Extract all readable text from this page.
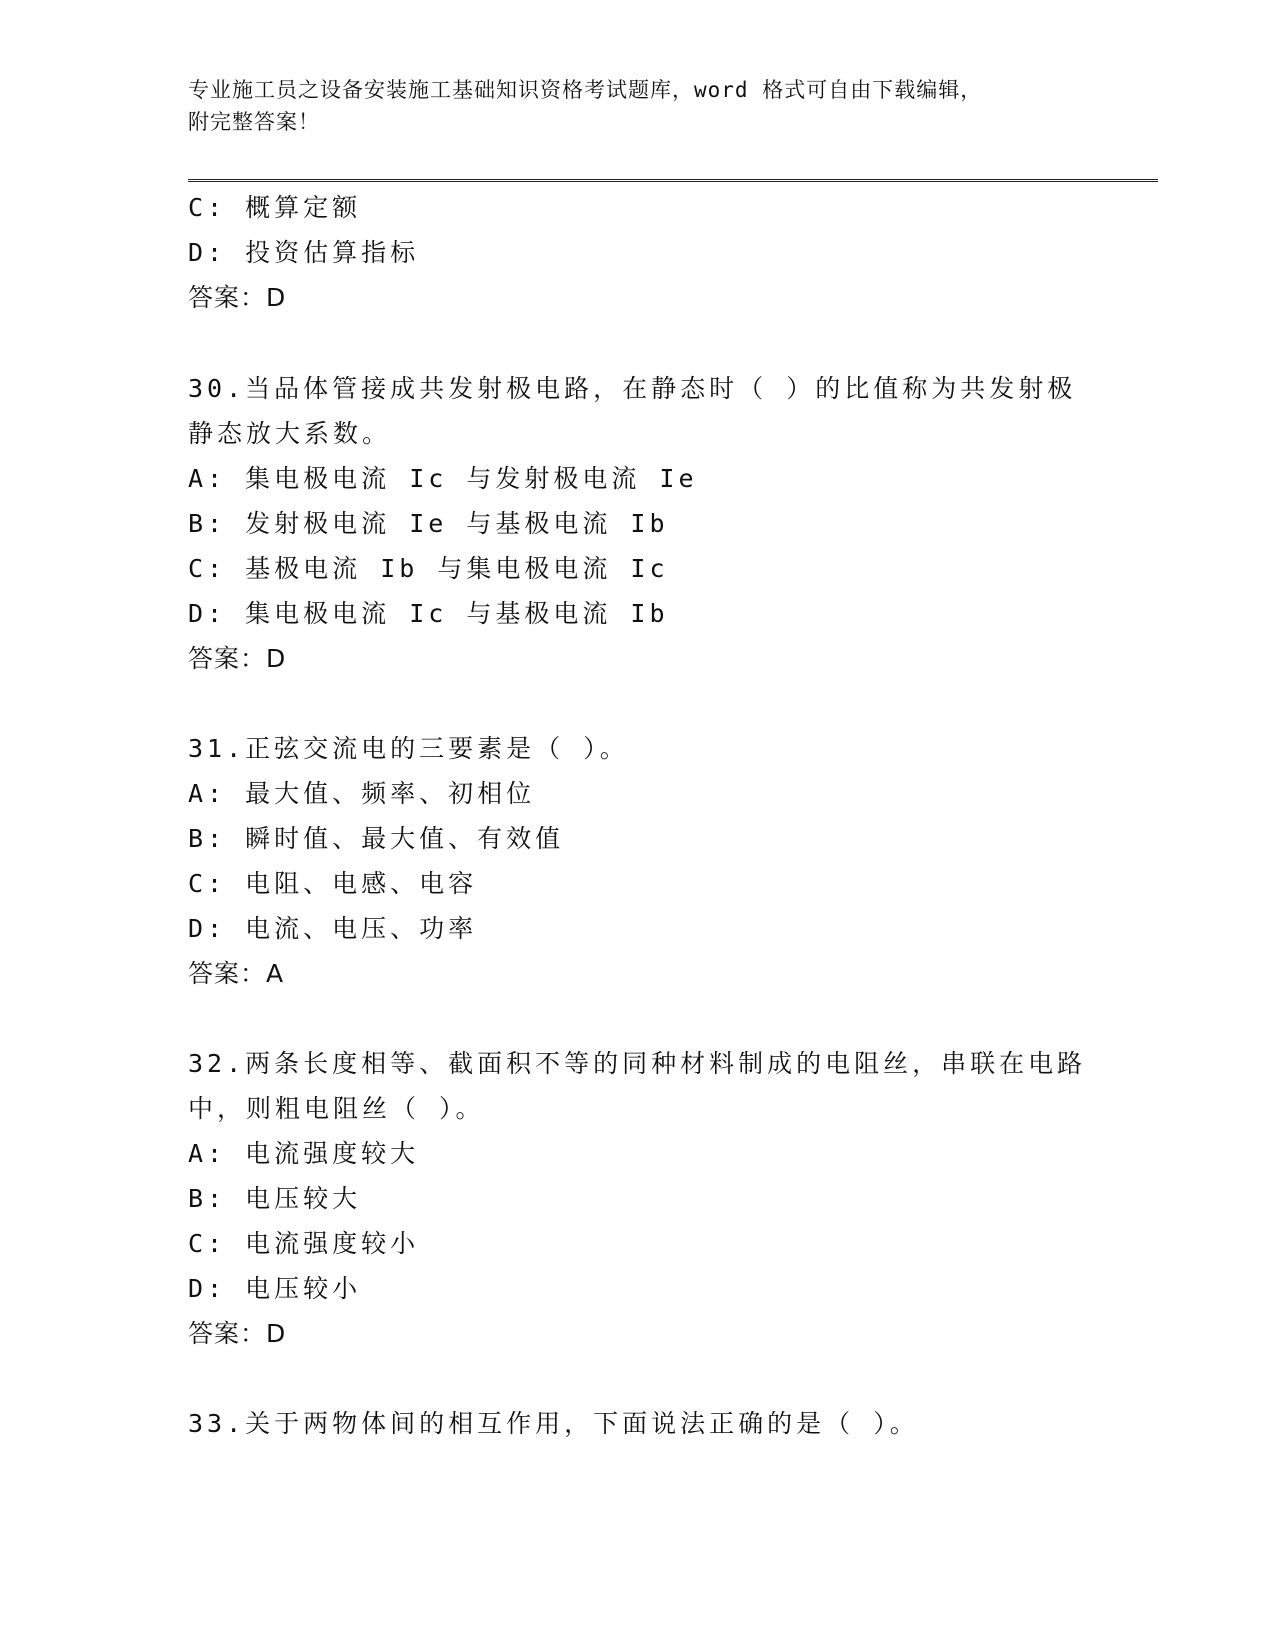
专业施工员之设备安装施工基础知识资格考试题库，word 格式可自由下载编辑，
附完整答案！
C: 概算定额
D: 投资估算指标
答案：D
30.当品体管接成共发射极电路，在静态时（ ）的比值称为共发射极
静态放大系数。
A: 集电极电流 Ic 与发射极电流 Ie
B: 发射极电流 Ie 与基极电流 Ib
C: 基极电流 Ib 与集电极电流 Ic
D: 集电极电流 Ic 与基极电流 Ib
答案：D
31.正弦交流电的三要素是（ ）。
A: 最大值、频率、初相位
B: 瞬时值、最大值、有效值
C: 电阻、电感、电容
D: 电流、电压、功率
答案：A
32.两条长度相等、截面积不等的同种材料制成的电阻丝，串联在电路
中，则粗电阻丝（ ）。
A: 电流强度较大
B: 电压较大
C: 电流强度较小
D: 电压较小
答案：D
33.关于两物体间的相互作用，下面说法正确的是（ ）。
